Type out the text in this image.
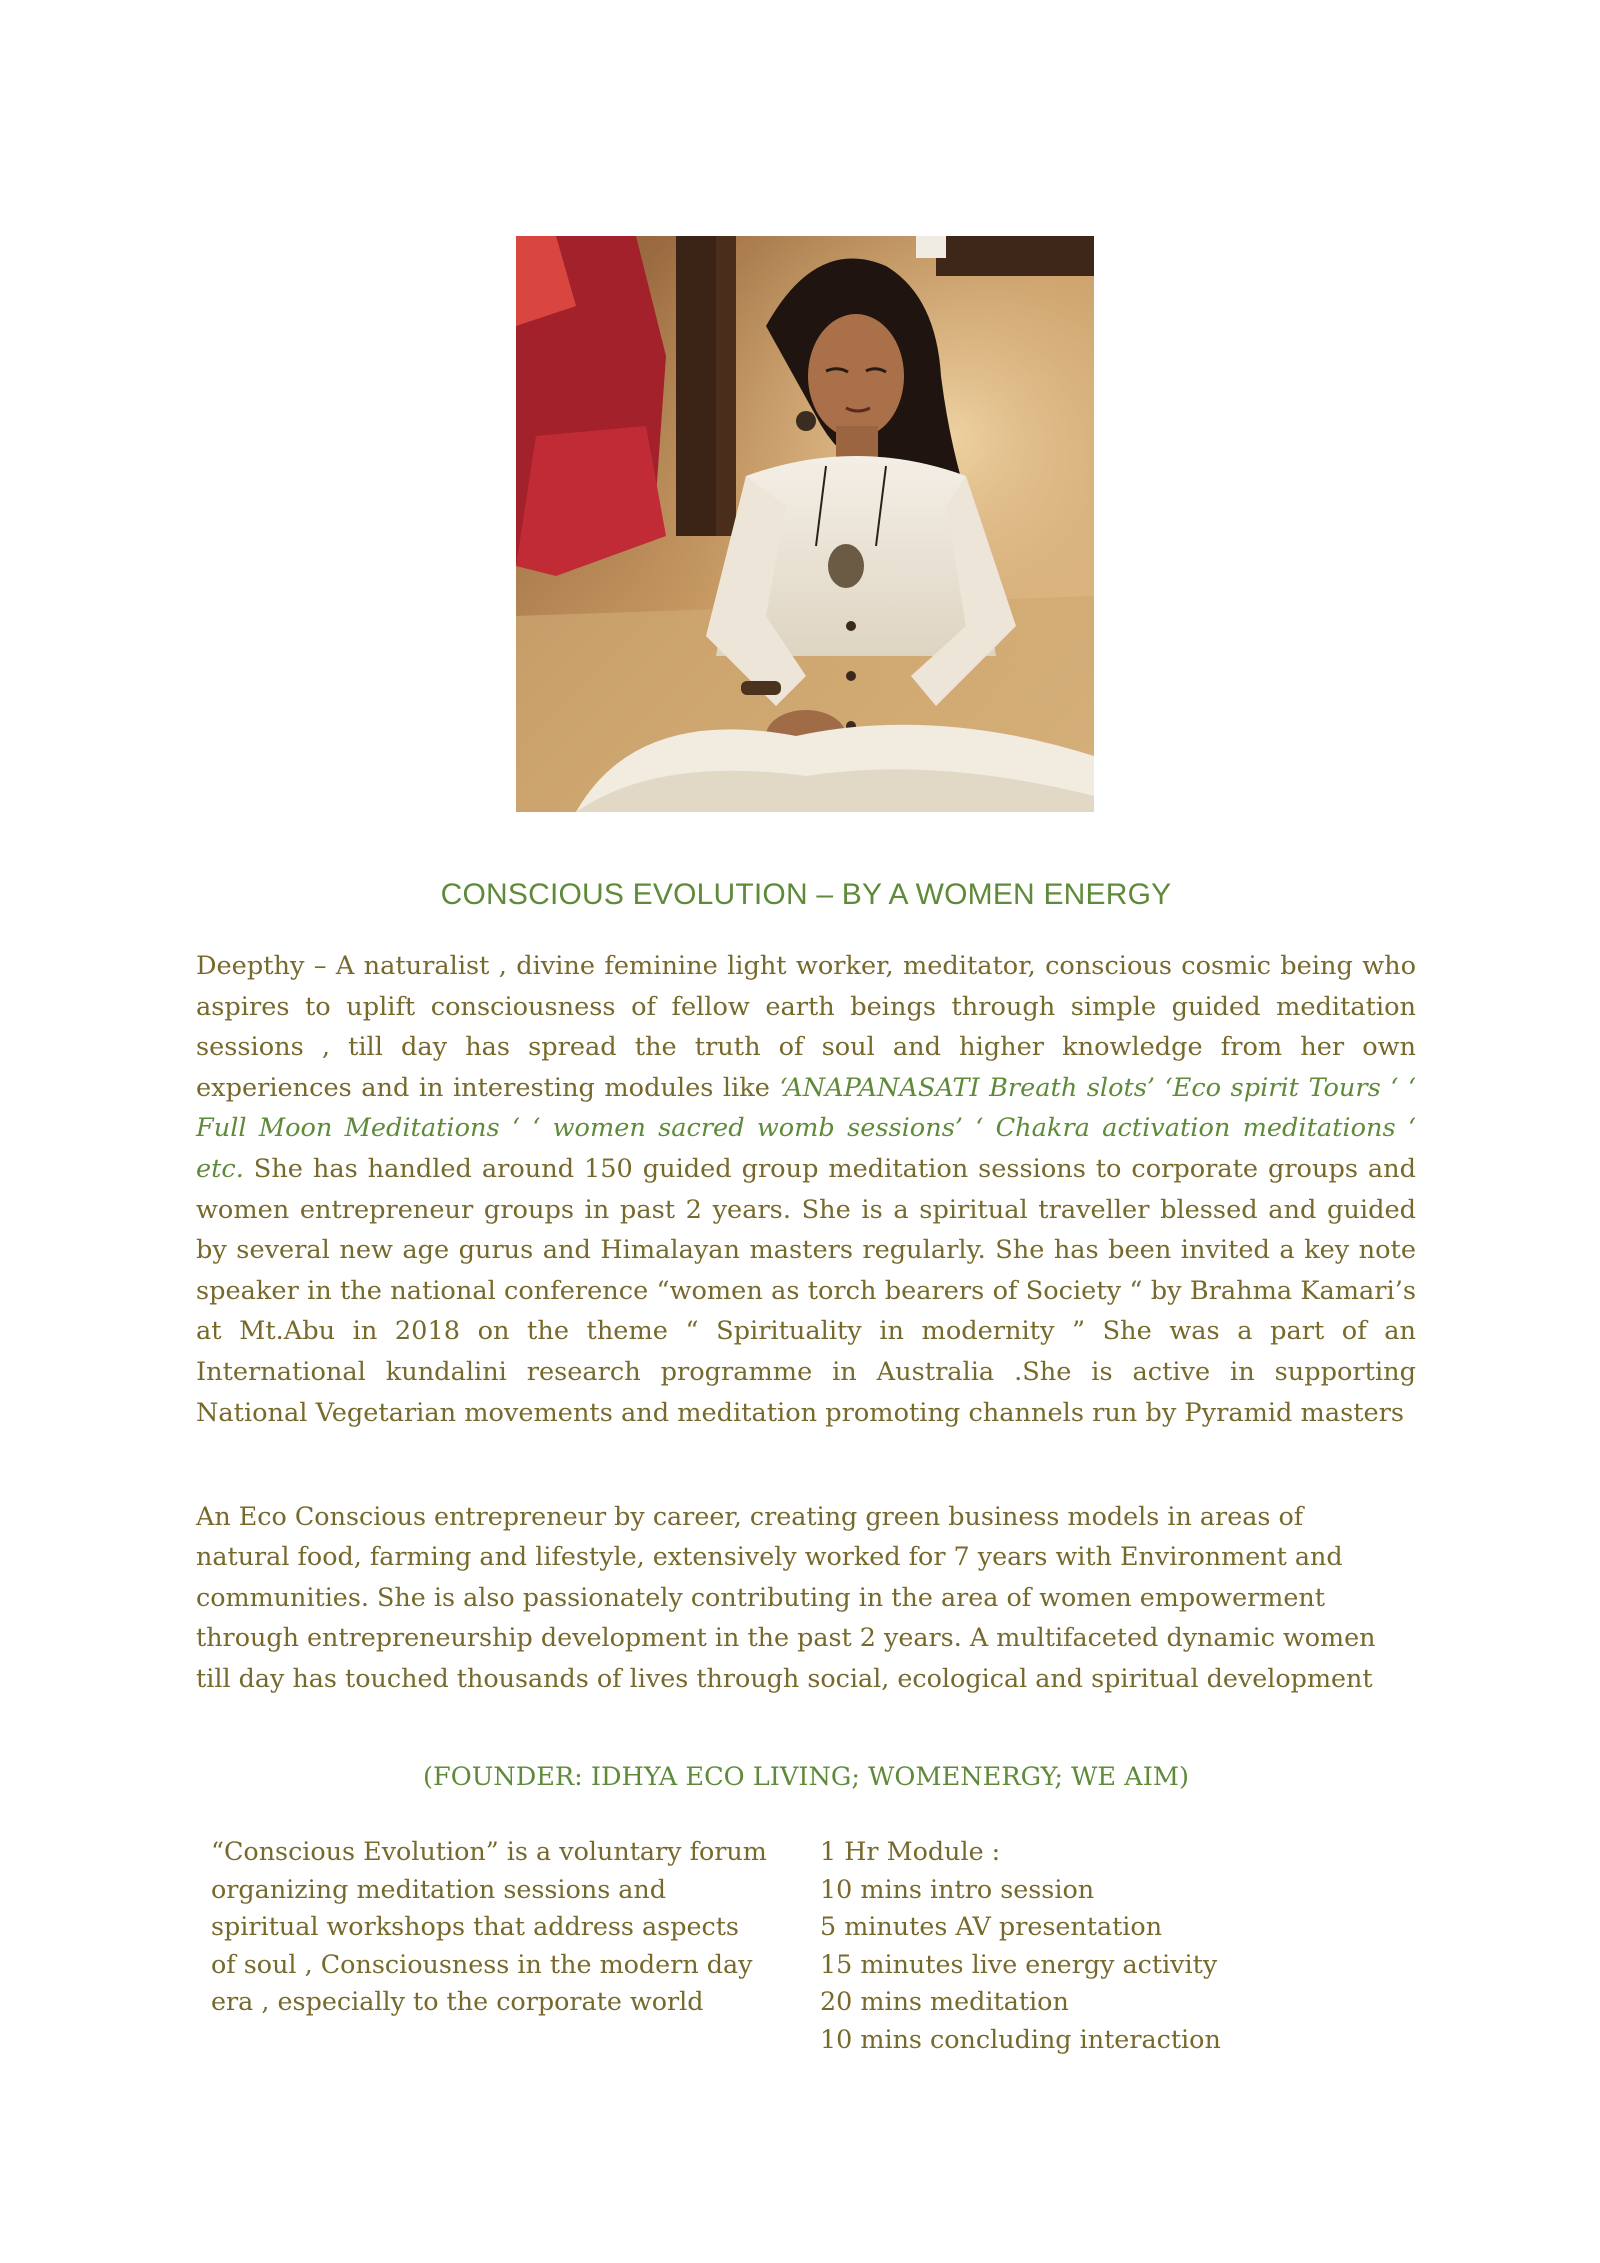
CONSCIOUS EVOLUTION – BY A WOMEN ENERGY

Deepthy – A naturalist , divine feminine light worker, meditator, conscious cosmic being who aspires to uplift consciousness of fellow earth beings through simple guided meditation sessions , till day has spread the truth of soul and higher knowledge from her own experiences and in interesting modules like ‘ANAPANASATI Breath slots’ ‘Eco spirit Tours ‘ ‘ Full Moon Meditations ‘ ‘ women sacred womb sessions’ ‘ Chakra activation meditations ‘ etc. She has handled around 150 guided group meditation sessions to corporate groups and women entrepreneur groups in past 2 years. She is a spiritual traveller blessed and guided by several new age gurus and Himalayan masters regularly. She has been invited a key note speaker in the national conference “women as torch bearers of Society “ by Brahma Kamari’s at Mt.Abu in 2018 on the theme “ Spirituality in modernity ” She was a part of an International kundalini research programme in Australia .She is active in supporting National Vegetarian movements and meditation promoting channels run by Pyramid masters

An Eco Conscious entrepreneur by career, creating green business models in areas of natural food, farming and lifestyle, extensively worked for 7 years with Environment and communities. She is also passionately contributing in the area of women empowerment through entrepreneurship development in the past 2 years. A multifaceted dynamic women till day has touched thousands of lives through social, ecological and spiritual development

(FOUNDER: IDHYA ECO LIVING; WOMENERGY; WE AIM)

“Conscious Evolution” is a voluntary forum organizing meditation sessions and spiritual workshops that address aspects of soul , Consciousness in the modern day era , especially to the corporate world

1 Hr Module :
10 mins intro session
5 minutes AV presentation
15 minutes live energy activity
20 mins meditation
10 mins concluding interaction
